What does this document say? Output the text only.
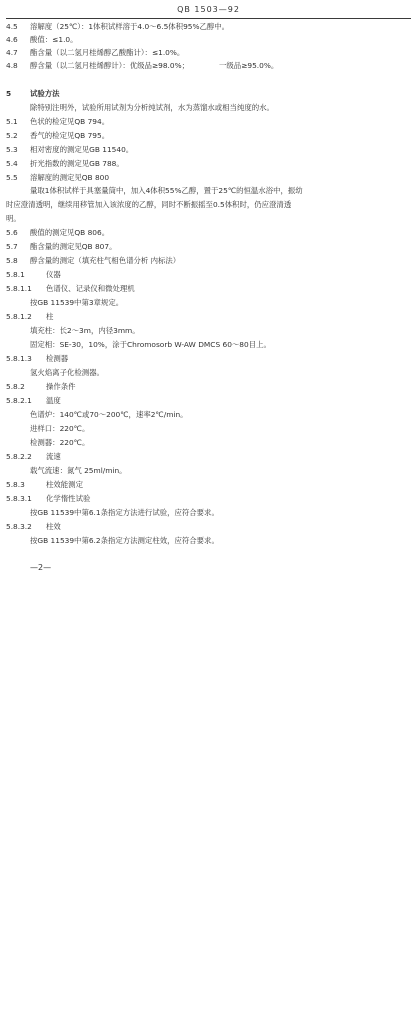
QB 1503—92
4.5 溶解度（25℃）：1体积试样溶于4.0～6.5体积95%乙醇中。
4.6 酸值：≤1.0。
4.7 酯含量（以二氢月桂烯醇乙酸酯计）：≤1.0%。
4.8 醇含量（以二氢月桂烯醇计）：优级品≥98.0%；	一级品≥95.0%。
5	试验方法
除特别注明外，试验所用试剂为分析纯试剂，水为蒸馏水或相当纯度的水。
5.1 色状的检定见QB 794。
5.2 香气的检定见QB 795。
5.3 相对密度的测定见GB 11540。
5.4 折光指数的测定见GB 788。
5.5 溶解度的测定见QB 800
量取1体积试样于具塞量筒中，加入4体积55%乙醇，置于25℃的恒温水浴中，振幼
时应澄清透明，继续用移管加入该浓度的乙醇，同时不断振摇至0.5体积时，仍应澄清透
明。
5.6 酸值的测定见QB 806。
5.7 酯含量的测定见QB 807。
5.8 醇含量的测定（填充柱气相色谱分析 内标法）
5.8.1	仪器
5.8.1.1 色谱仪、记录仪和微处理机
按GB 11539中第3章规定。
5.8.1.2 柱
填充柱：长2～3m，内径3mm。
固定相：SE-30，10%，涂于Chromosorb W-AW DMCS 60～80目上。
5.8.1.3 检测器
氢火焰离子化检测器。
5.8.2	操作条件
5.8.2.1 温度
色谱炉：140℃或70～200℃，速率2℃/min。
进样口：220℃。
检测器：220℃。
5.8.2.2 流速
载气流速：氮气 25ml/min。
5.8.3	柱效能测定
5.8.3.1 化学惰性试验
按GB 11539中第6.1条指定方法进行试验，应符合要求。
5.8.3.2 柱效
按GB 11539中第6.2条指定方法测定柱效，应符合要求。
—2—
